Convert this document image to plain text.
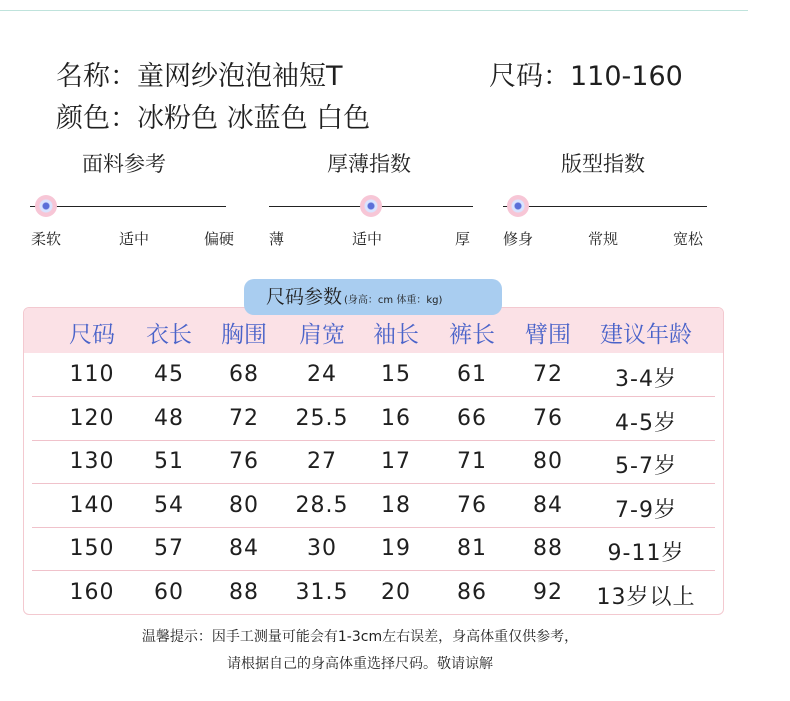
名称：童网纱泡泡袖短T	尺码：110-160
颜色：冰粉色 冰蓝色 白色
面料参考
柔软	适中	偏硬
厚薄指数
薄	适中	厚
版型指数
修身	常规	宽松
尺码	衣长	胸围	肩宽	袖长	裤长	臂围	建议年龄
110	45	68	24	15	61	72	3-4岁
120	48	72	25.5	16	66	76	4-5岁
130	51	76	27	17	71	80	5-7岁
140	54	80	28.5	18	76	84	7-9岁
150	57	84	30	19	81	88	9-11岁
160	60	88	31.5	20	86	92	13岁以上
尺码参数 (身高：cm 体重：kg)
温馨提示：因手工测量可能会有1-3cm左右误差，身高体重仅供参考，
请根据自己的身高体重选择尺码。敬请谅解
